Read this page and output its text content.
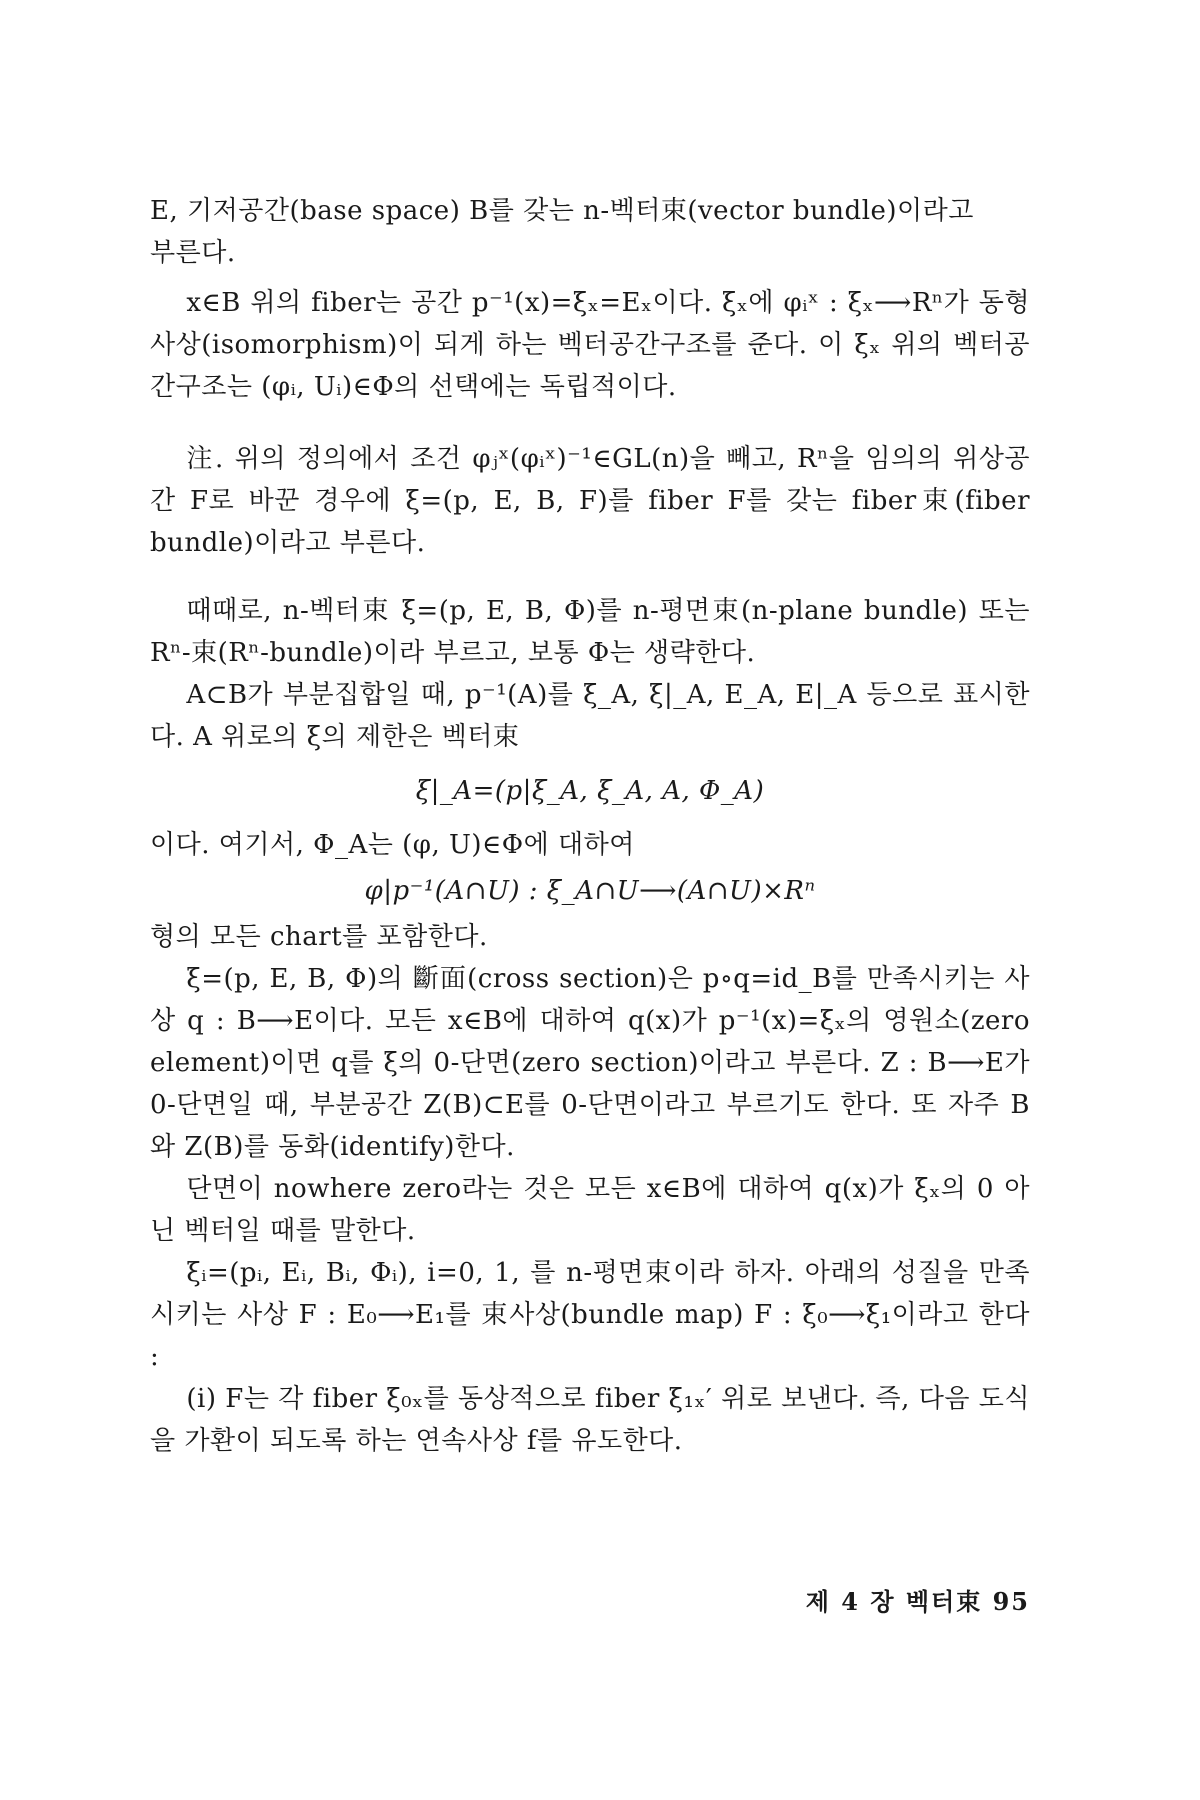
E, 기저공간(base space) B를 갖는 n-벡터束(vector bundle)이라고

부른다.

x∈B 위의 fiber는 공간 p⁻¹(x)=ξₓ=Eₓ이다. ξₓ에 φᵢˣ : ξₓ⟶Rⁿ가 동형사상(isomorphism)이 되게 하는 벡터공간구조를 준다. 이 ξₓ 위의 벡터공간구조는 (φᵢ, Uᵢ)∈Φ의 선택에는 독립적이다.

注. 위의 정의에서 조건 φⱼˣ(φᵢˣ)⁻¹∈GL(n)을 빼고, Rⁿ을 임의의 위상공간 F로 바꾼 경우에 ξ=(p, E, B, F)를 fiber F를 갖는 fiber束(fiber bundle)이라고 부른다.

때때로, n-벡터束 ξ=(p, E, B, Φ)를 n-평면束(n-plane bundle) 또는 Rⁿ-束(Rⁿ-bundle)이라 부르고, 보통 Φ는 생략한다.

A⊂B가 부분집합일 때, p⁻¹(A)를 ξ_A, ξ|_A, E_A, E|_A 등으로 표시한다. A 위로의 ξ의 제한은 벡터束

ξ|_A=(p|ξ_A, ξ_A, A, Φ_A)

이다. 여기서, Φ_A는 (φ, U)∈Φ에 대하여

φ|p⁻¹(A∩U) : ξ_A∩U⟶(A∩U)×Rⁿ

형의 모든 chart를 포함한다.

ξ=(p, E, B, Φ)의 斷面(cross section)은 p∘q=id_B를 만족시키는 사상 q : B⟶E이다. 모든 x∈B에 대하여 q(x)가 p⁻¹(x)=ξₓ의 영원소(zero element)이면 q를 ξ의 0-단면(zero section)이라고 부른다. Z : B⟶E가 0-단면일 때, 부분공간 Z(B)⊂E를 0-단면이라고 부르기도 한다. 또 자주 B와 Z(B)를 동화(identify)한다.

단면이 nowhere zero라는 것은 모든 x∈B에 대하여 q(x)가 ξₓ의 0 아닌 벡터일 때를 말한다.

ξᵢ=(pᵢ, Eᵢ, Bᵢ, Φᵢ), i=0, 1, 를 n-평면束이라 하자. 아래의 성질을 만족시키는 사상 F : E₀⟶E₁를 束사상(bundle map) F : ξ₀⟶ξ₁이라고 한다 :

(i) F는 각 fiber ξ₀ₓ를 동상적으로 fiber ξ₁ₓ′ 위로 보낸다. 즉, 다음 도식을 가환이 되도록 하는 연속사상 f를 유도한다.

제 4 장 벡터束 95
